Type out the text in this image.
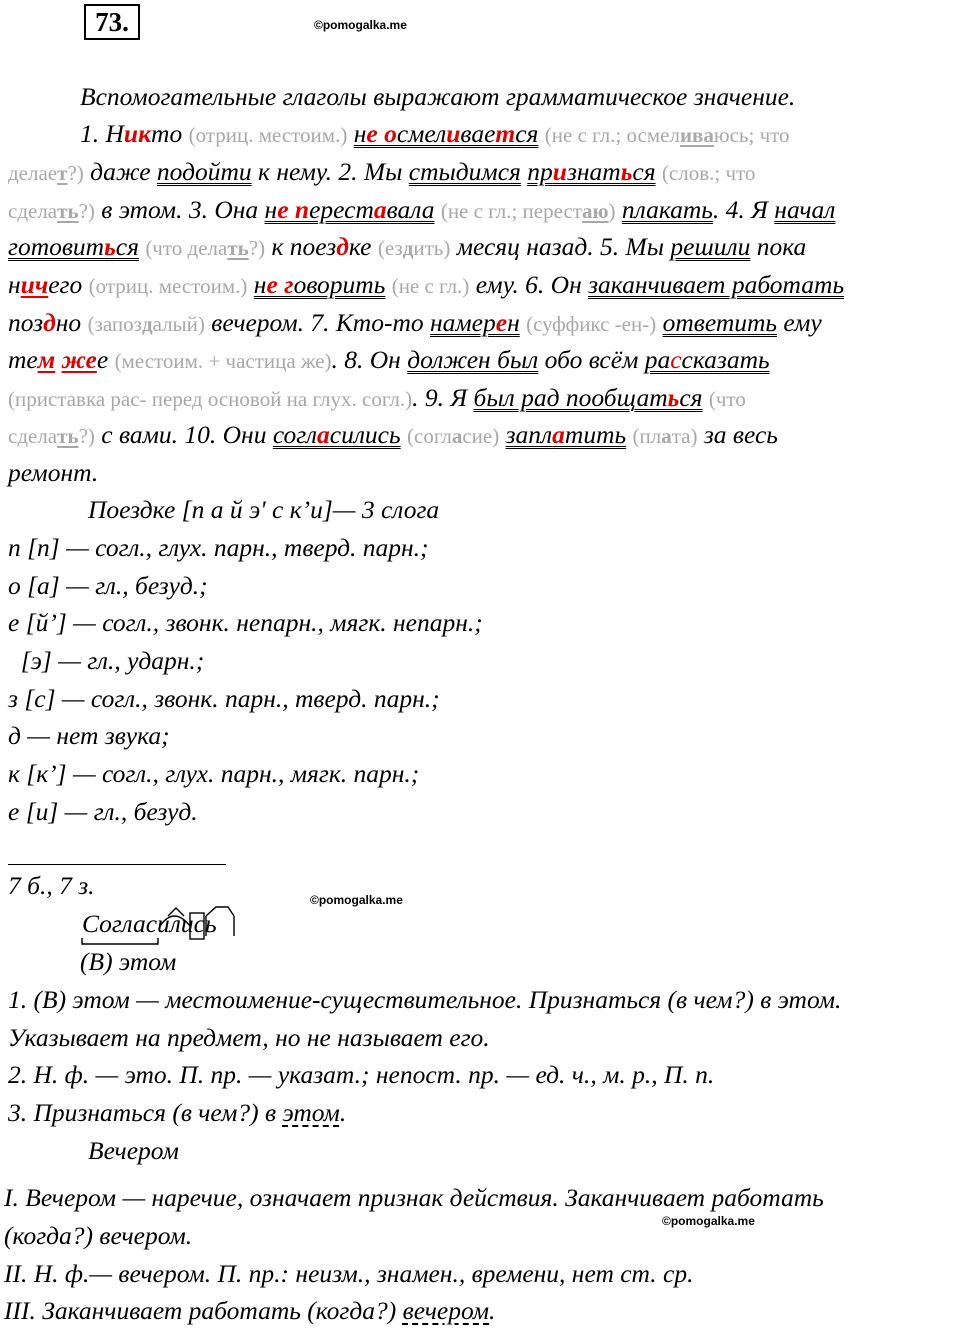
73.	©pomogalka.me
Вспомогательные глаголы выражают грамматическое значение.
1. Никто (отриц. местоим.) не осмеливается (не с гл.; осмеливаюсь; что
делает?) даже подойти к нему. 2. Мы стыдимся признаться (слов.; что
сделать?) в этом. 3. Она не переставала (не с гл.; перестаю) плакать. 4. Я начал
готовиться (что делать?) к поездке (ездить) месяц назад. 5. Мы решили пока
ничего (отриц. местоим.) не говорить (не с гл.) ему. 6. Он заканчивает работать
поздно (запоздалый) вечером. 7. Кто-то намерен (суффикс -ен-) ответить ему
тем жее (местоим. + частица же). 8. Он должен был обо всём рассказать
(приставка рас- перед основой на глух. согл.). 9. Я был рад пообщаться (что
сделать?) с вами. 10. Они согласились (согласие) заплатить (плата) за весь
ремонт.
Поездке [п а й э' с к’и]— 3 слога
п [п] — согл., глух. парн., тверд. парн.;
о [а] — гл., безуд.;
е [й’] — согл., звонк. непарн., мягк. непарн.;
[э] — гл., ударн.;
з [с] — согл., звонк. парн., тверд. парн.;
д — нет звука;
к [к’] — согл., глух. парн., мягк. парн.;
е [и] — гл., безуд.
7 б., 7 з.	©pomogalka.me
Согласились
(В) этом
1. (В) этом — местоимение-существительное. Признаться (в чем?) в этом.
Указывает на предмет, но не называет его.
2. Н. ф. — это. П. пр. — указат.; непост. пр. — ед. ч., м. р., П. п.
3. Признаться (в чем?) в этом.
Вечером
I. Вечером — наречие, означает признак действия. Заканчивает работать
(когда?) вечером.	©pomogalka.me
II. Н. ф.— вечером. П. пр.: неизм., знамен., времени, нет ст. ср.
III. Заканчивает работать (когда?) вечером.
